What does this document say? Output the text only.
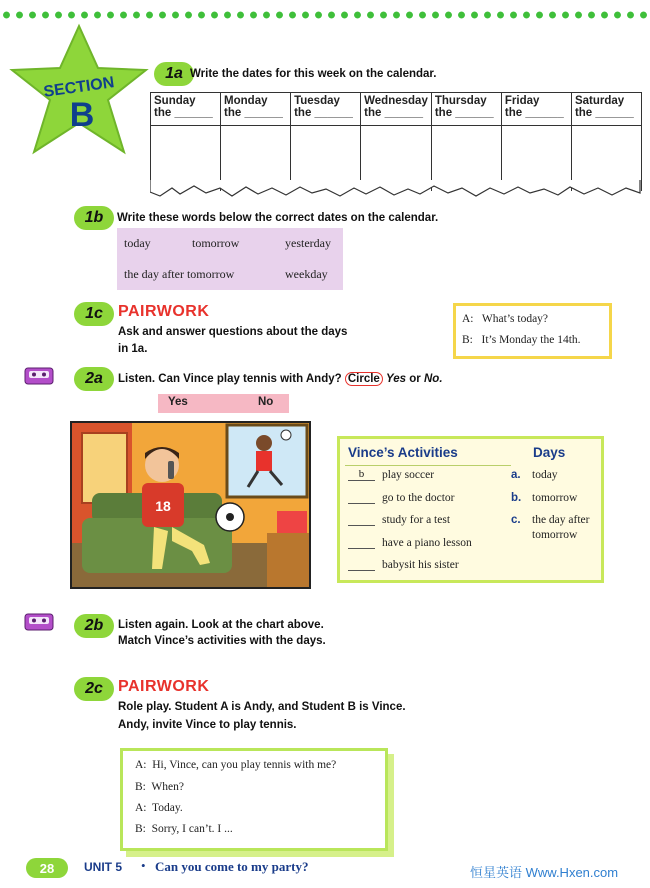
SECTION
B
1a Write the dates for this week on the calendar.
Sunday
the ______
Monday
the ______
Tuesday
the ______
Wednesday
the ______
Thursday
the ______
Friday
the ______
Saturday
the ______
1b	Write these words below the correct dates on the calendar.
today	tomorrow	yesterday
the day after tomorrow	weekday
1c PAIRWORK
Ask and answer questions about the days
in 1a.
A: What’s today?
B: It’s Monday the 14th.
2a	Listen. Can Vince play tennis with Andy? Circle Yes or No.
Yes	No
18
Vince’s Activities	Days
b	play soccer
go to the doctor
study for a test
have a piano lesson
babysit his sister
a. today
b. tomorrow
c. the day after
tomorrow
2b	Listen again. Look at the chart above.
Match Vince’s activities with the days.
2c PAIRWORK
Role play. Student A is Andy, and Student B is Vince.
Andy, invite Vince to play tennis.
A: Hi, Vince, can you play tennis with me?
B: When?
A: Today.
B: Sorry, I can’t. I ...
28	UNIT 5 • Can you come to my party?	恒星英语 Www.Hxen.com
